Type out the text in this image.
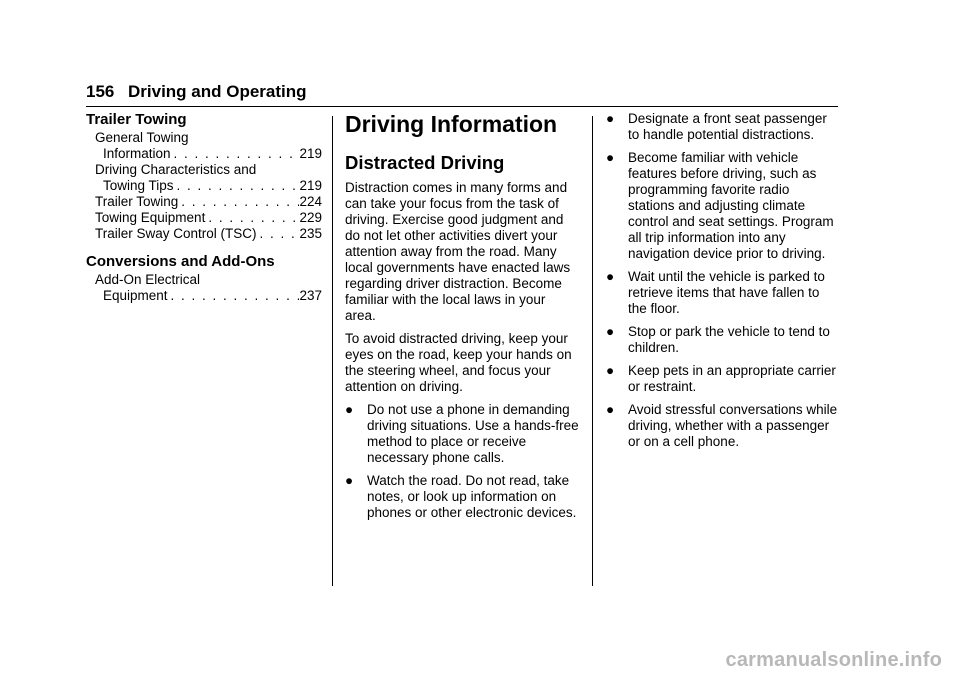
156 Driving and Operating
Trailer Towing
General Towing
Information . . .	219
Driving Characteristics and
Towing Tips . . .	219
Trailer Towing . . .	224
Towing Equipment . . .	229
Trailer Sway Control (TSC) . . .	235
Conversions and Add-Ons
Add-On Electrical
Equipment . . .	237
Driving Information
Distracted Driving

Distraction comes in many forms and can take your focus from the task of driving. Exercise good judgment and do not let other activities divert your attention away from the road. Many local governments have enacted laws regarding driver distraction. Become familiar with the local laws in your area.

To avoid distracted driving, keep your eyes on the road, keep your hands on the steering wheel, and focus your attention on driving.

●	Do not use a phone in demanding driving situations. Use a hands-free method to place or receive necessary phone calls.
●	Watch the road. Do not read, take notes, or look up information on phones or other electronic devices.
●	Designate a front seat passenger to handle potential distractions.
●	Become familiar with vehicle features before driving, such as programming favorite radio stations and adjusting climate control and seat settings. Program all trip information into any navigation device prior to driving.
●	Wait until the vehicle is parked to retrieve items that have fallen to the floor.
●	Stop or park the vehicle to tend to children.
●	Keep pets in an appropriate carrier or restraint.
●	Avoid stressful conversations while driving, whether with a passenger or on a cell phone.
carmanualsonline.info
